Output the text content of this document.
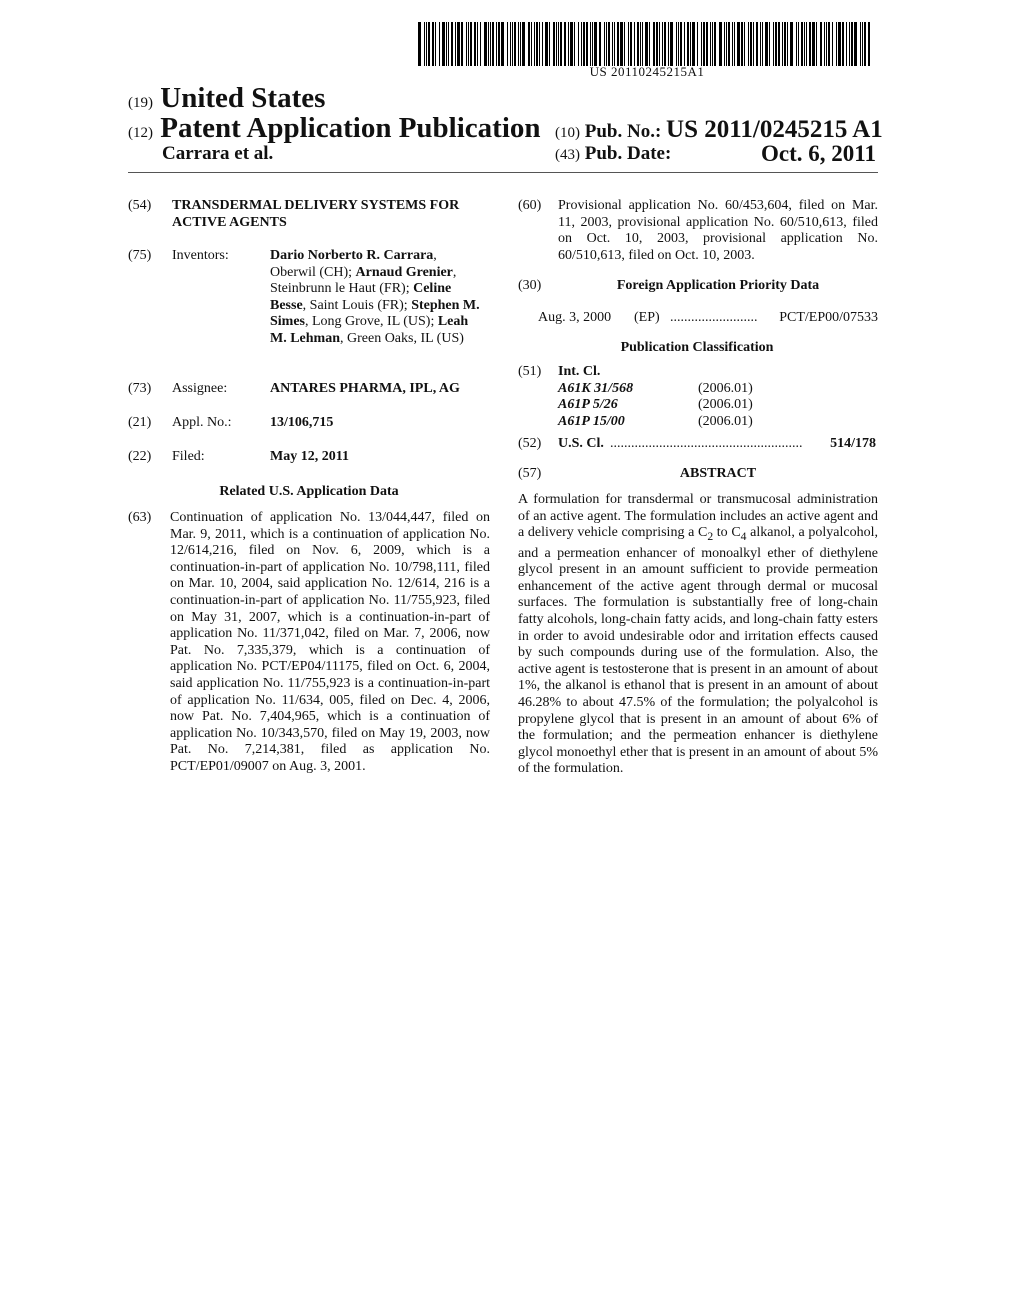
US 20110245215A1
(19) United States
(12) Patent Application Publication
Carrara et al.
(10) Pub. No.: US 2011/0245215 A1
(43) Pub. Date:	Oct. 6, 2011
(54)	TRANSDERMAL DELIVERY SYSTEMS FOR ACTIVE AGENTS
(75)	Inventors:	Dario Norberto R. Carrara, Oberwil (CH); Arnaud Grenier, Steinbrunn le Haut (FR); Celine Besse, Saint Louis (FR); Stephen M. Simes, Long Grove, IL (US); Leah M. Lehman, Green Oaks, IL (US)
(73)	Assignee:	ANTARES PHARMA, IPL, AG
(21)	Appl. No.:	13/106,715
(22)	Filed:	May 12, 2011
Related U.S. Application Data
(63)	Continuation of application No. 13/044,447, filed on Mar. 9, 2011, which is a continuation of application No. 12/614,216, filed on Nov. 6, 2009, which is a continuation-in-part of application No. 10/798,111, filed on Mar. 10, 2004, said application No. 12/614, 216 is a continuation-in-part of application No. 11/755,923, filed on May 31, 2007, which is a continuation-in-part of application No. 11/371,042, filed on Mar. 7, 2006, now Pat. No. 7,335,379, which is a continuation of application No. PCT/EP04/11175, filed on Oct. 6, 2004, said application No. 11/755,923 is a continuation-in-part of application No. 11/634, 005, filed on Dec. 4, 2006, now Pat. No. 7,404,965, which is a continuation of application No. 10/343,570, filed on May 19, 2003, now Pat. No. 7,214,381, filed as application No. PCT/EP01/09007 on Aug. 3, 2001.
(60)	Provisional application No. 60/453,604, filed on Mar. 11, 2003, provisional application No. 60/510,613, filed on Oct. 10, 2003, provisional application No. 60/510,613, filed on Oct. 10, 2003.
(30)	Foreign Application Priority Data
Aug. 3, 2000 (EP) ......................... PCT/EP00/07533
Publication Classification
(51)	Int. Cl.
A61K 31/568	(2006.01)
A61P 5/26	(2006.01)
A61P 15/00	(2006.01)
(52)	U.S. Cl. ....................................................... 514/178
(57)	ABSTRACT
A formulation for transdermal or transmucosal administration of an active agent. The formulation includes an active agent and a delivery vehicle comprising a $C_2$ to $C_4$ alkanol, a polyalcohol, and a permeation enhancer of monoalkyl ether of diethylene glycol present in an amount sufficient to provide permeation enhancement of the active agent through dermal or mucosal surfaces. The formulation is substantially free of long-chain fatty alcohols, long-chain fatty acids, and long-chain fatty esters in order to avoid undesirable odor and irritation effects caused by such compounds during use of the formulation. Also, the active agent is testosterone that is present in an amount of about 1%, the alkanol is ethanol that is present in an amount of about 46.28% to about 47.5% of the formulation; the polyalcohol is propylene glycol that is present in an amount of about 6% of the formulation; and the permeation enhancer is diethylene glycol monoethyl ether that is present in an amount of about 5% of the formulation.
